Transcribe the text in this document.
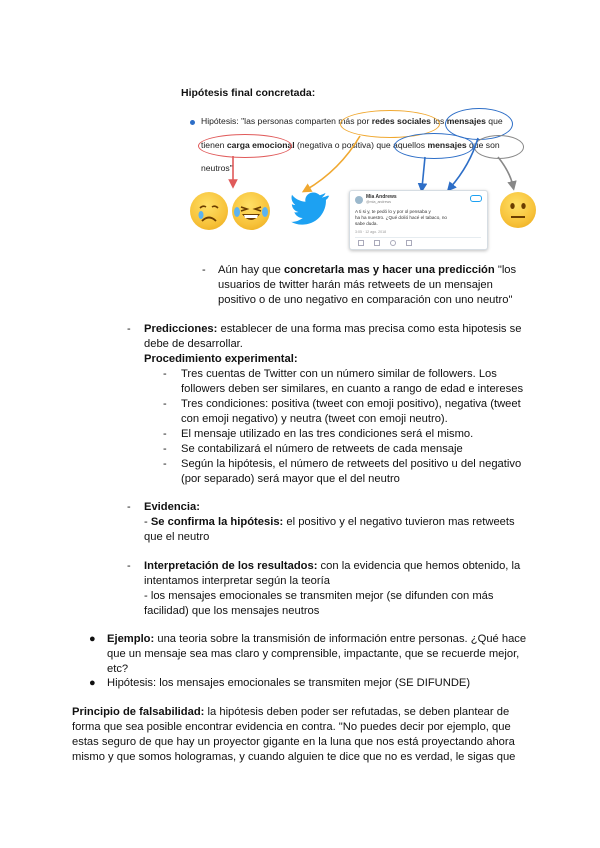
Hipótesis final concretada:
Hipótesis: "las personas comparten más por redes sociales los mensajes que
tienen carga emocional (negativa o positiva) que aquellos mensajes que son
neutros"
Mia Andrews
@mia_andrews
A ti si y, te pedó lo y por ol pensaba y
ha ha nuestro. ¿Qué dolió hacé el tabaco, no
sabe duda.
3:05 · 12 ago. 2018
- Aún hay que concretarla mas y hacer una predicción "los
usuarios de twitter harán más retweets de un mensajen
positivo o de uno negativo en comparación con uno neutro"
- Predicciones: establecer de una forma mas precisa como esta hipotesis se
debe de desarrollar.
Procedimiento experimental:
- Tres cuentas de Twitter con un número similar de followers. Los
followers deben ser similares, en cuanto a rango de edad e intereses
- Tres condiciones: positiva (tweet con emoji positivo), negativa (tweet
con emoji negativo) y neutra (tweet con emoji neutro).
- El mensaje utilizado en las tres condiciones será el mismo.
- Se contabilizará el número de retweets de cada mensaje
- Según la hipótesis, el número de retweets del positivo u del negativo
(por separado) será mayor que el del neutro
- Evidencia:
- Se confirma la hipótesis: el positivo y el negativo tuvieron mas retweets
que el neutro
- Interpretación de los resultados: con la evidencia que hemos obtenido, la
intentamos interpretar según la teoría
- los mensajes emocionales se transmiten mejor (se difunden con más
facilidad) que los mensajes neutros
● Ejemplo: una teoria sobre la transmisión de información entre personas. ¿Qué hace
que un mensaje sea mas claro y comprensible, impactante, que se recuerde mejor,
etc?
● Hipótesis: los mensajes emocionales se transmiten mejor (SE DIFUNDE)
Principio de falsabilidad: la hipótesis deben poder ser refutadas, se deben plantear de
forma que sea posible encontrar evidencia en contra. "No puedes decir por ejemplo, que
estas seguro de que hay un proyector gigante en la luna que nos está proyectando ahora
mismo y que somos hologramas, y cuando alguien te dice que no es verdad, le sigas que
